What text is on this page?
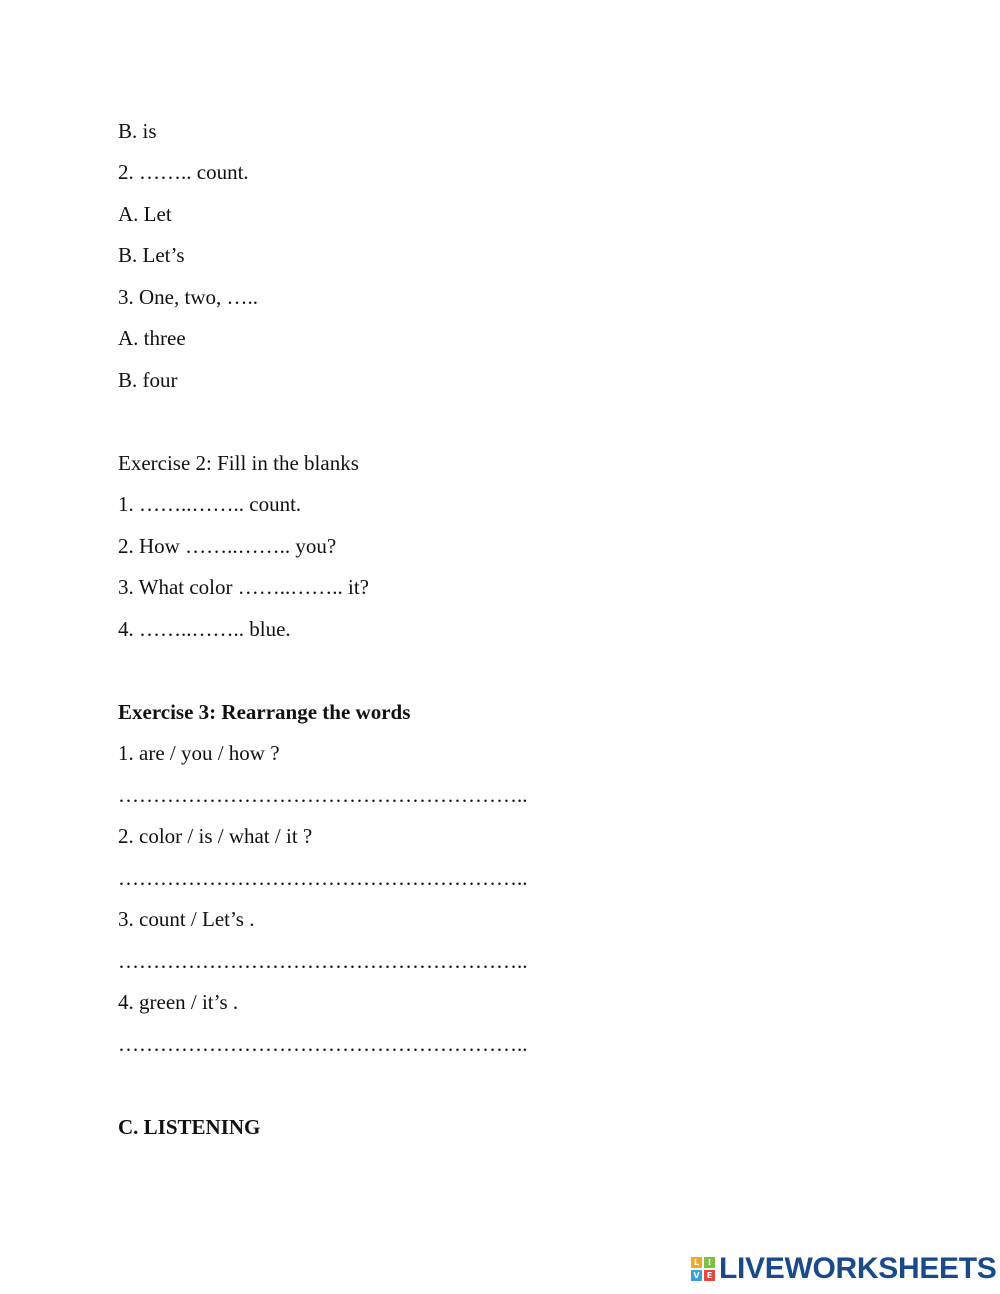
B. is
2. …….. count.
A. Let
B. Let’s
3. One, two, …..
A. three
B. four
Exercise 2: Fill in the blanks
1. ……..…….. count.
2. How ……..…….. you?
3. What color ……..…….. it?
4. ……..…….. blue.
Exercise 3: Rearrange the words
1. are / you / how ?
…………………………………………………..
2. color / is / what / it ?
…………………………………………………..
3. count / Let’s .
…………………………………………………..
4. green / it’s .
…………………………………………………..
C. LISTENING
L	I
V E LIVEWORKSHEETS
